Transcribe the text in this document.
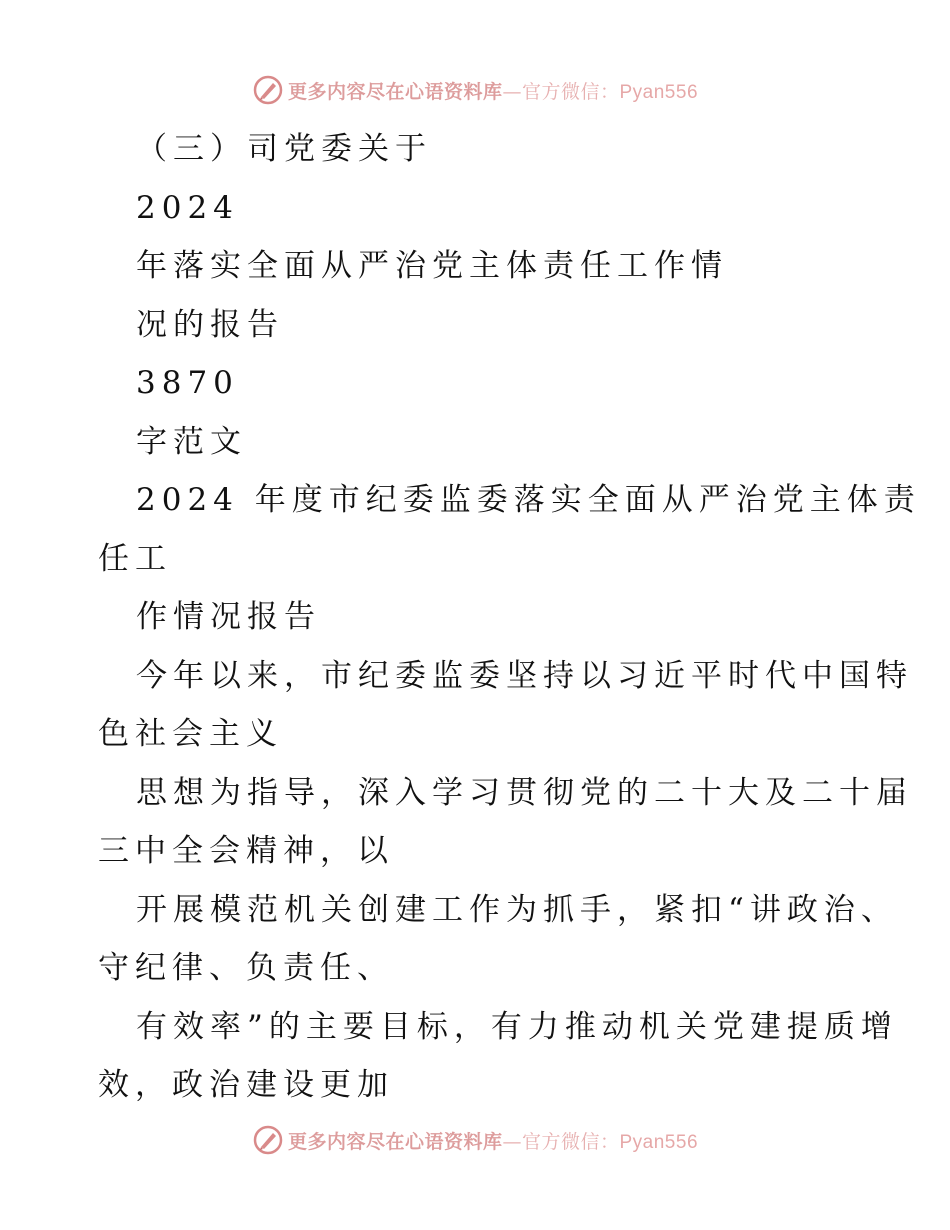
更多内容尽在心语资料库—官方微信：Pyan556
（三）司党委关于
2024
年落实全面从严治党主体责任工作情
况的报告
3870
字范文
2024 年度市纪委监委落实全面从严治党主体责
任工
作情况报告
今年以来，市纪委监委坚持以习近平时代中国特
色社会主义
思想为指导，深入学习贯彻党的二十大及二十届
三中全会精神，以
开展模范机关创建工作为抓手，紧扣“讲政治、
守纪律、负责任、
有效率”的主要目标，有力推动机关党建提质增
效，政治建设更加
更多内容尽在心语资料库—官方微信：Pyan556
